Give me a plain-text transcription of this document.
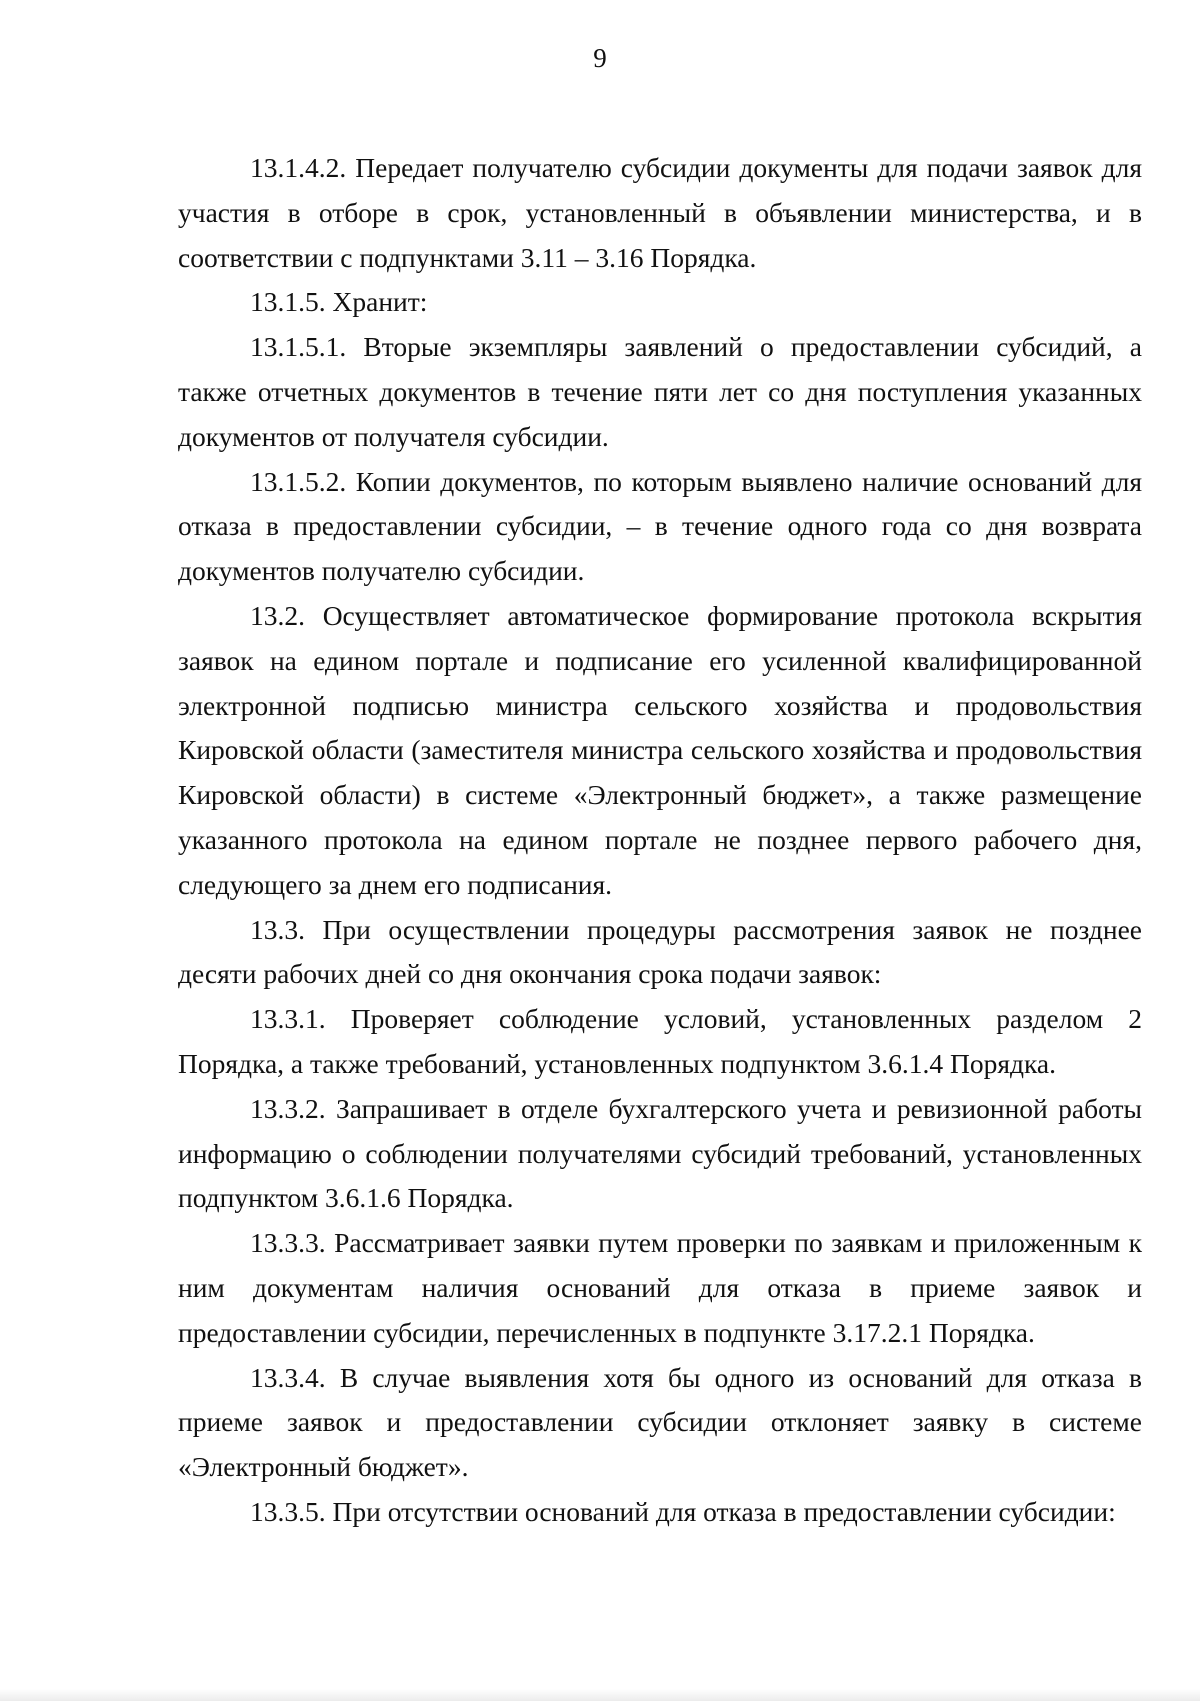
9

13.1.4.2. Передает получателю субсидии документы для подачи заявок для участия в отборе в срок, установленный в объявлении министерства, и в соответствии с подпунктами 3.11 – 3.16 Порядка.

13.1.5. Хранит:

13.1.5.1. Вторые экземпляры заявлений о предоставлении субсидий, а также отчетных документов в течение пяти лет со дня поступления указанных документов от получателя субсидии.

13.1.5.2. Копии документов, по которым выявлено наличие оснований для отказа в предоставлении субсидии, – в течение одного года со дня возврата документов получателю субсидии.

13.2. Осуществляет автоматическое формирование протокола вскрытия заявок на едином портале и подписание его усиленной квалифицированной электронной подписью министра сельского хозяйства и продовольствия Кировской области (заместителя министра сельского хозяйства и продовольствия Кировской области) в системе «Электронный бюджет», а также размещение указанного протокола на едином портале не позднее первого рабочего дня, следующего за днем его подписания.

13.3. При осуществлении процедуры рассмотрения заявок не позднее десяти рабочих дней со дня окончания срока подачи заявок:

13.3.1. Проверяет соблюдение условий, установленных разделом 2 Порядка, а также требований, установленных подпунктом 3.6.1.4 Порядка.

13.3.2. Запрашивает в отделе бухгалтерского учета и ревизионной работы информацию о соблюдении получателями субсидий требований, установленных подпунктом 3.6.1.6 Порядка.

13.3.3. Рассматривает заявки путем проверки по заявкам и приложенным к ним документам наличия оснований для отказа в приеме заявок и предоставлении субсидии, перечисленных в подпункте 3.17.2.1 Порядка.

13.3.4. В случае выявления хотя бы одного из оснований для отказа в приеме заявок и предоставлении субсидии отклоняет заявку в системе «Электронный бюджет».

13.3.5. При отсутствии оснований для отказа в предоставлении субсидии:
